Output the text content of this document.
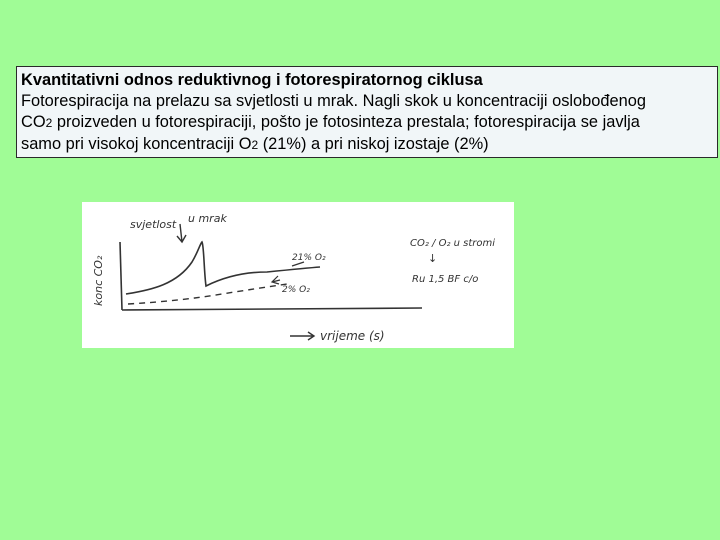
Kvantitativni odnos reduktivnog i fotorespiratornog ciklusa
Fotorespiracija na prelazu sa svjetlosti u mrak. Nagli skok u koncentraciji oslobođenog
CO2 proizveden u fotorespiraciji, pošto je fotosinteza prestala; fotorespiracija se javlja
samo pri visokoj koncentraciji O2 (21%) a pri niskoj izostaje (2%)
svjetlost u mrak
konc CO₂
vrijeme (s)
21% O₂
2% O₂
CO₂ / O₂ u stromi
↓
Ru 1,5 BF c/o
